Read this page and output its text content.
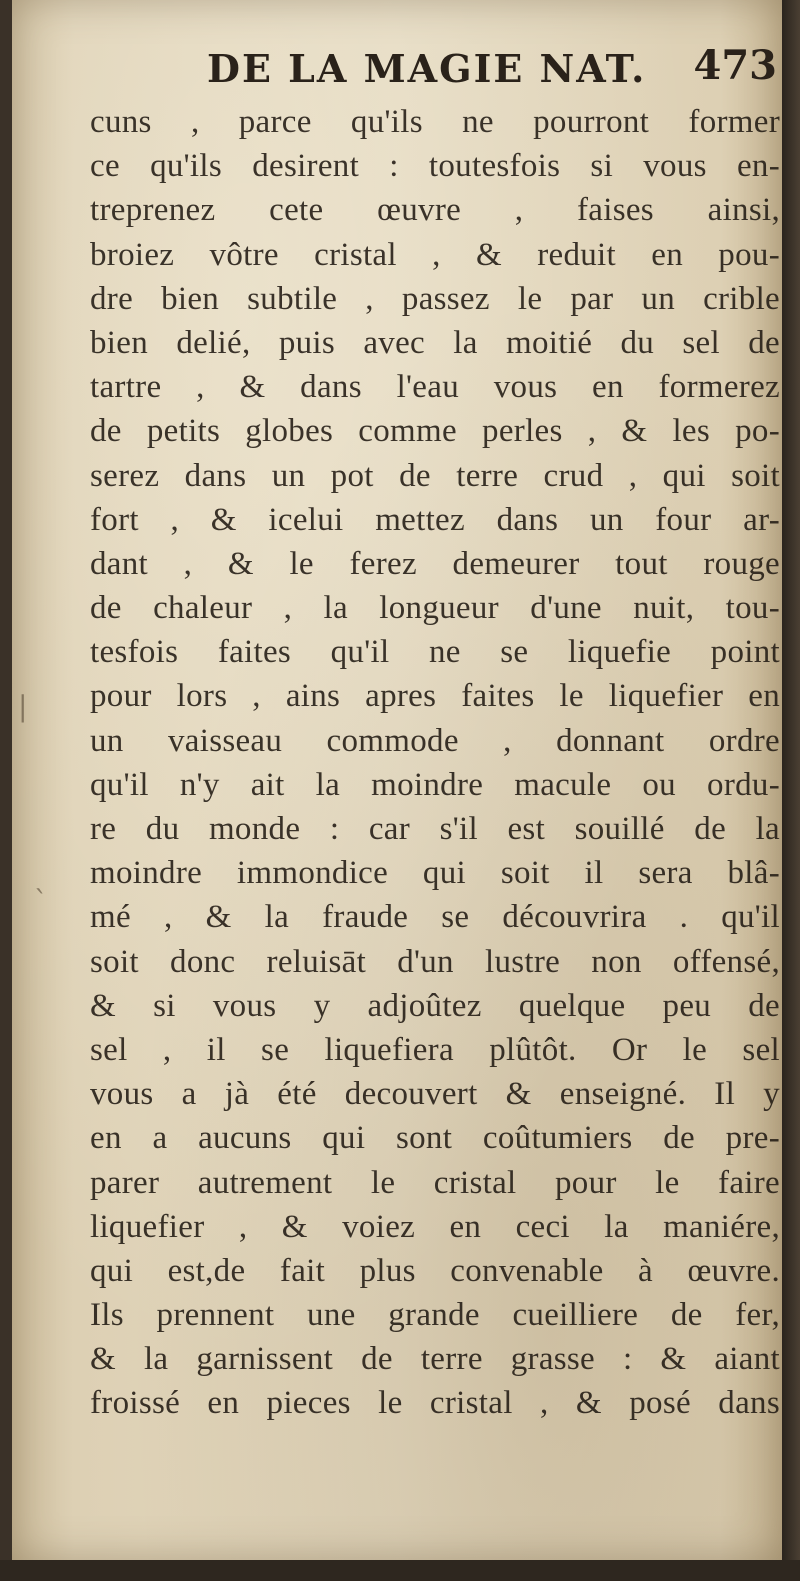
DE LA MAGIE NAT. 473
cuns , parce qu'ils ne pourront former
ce qu'ils desirent : toutesfois si vous en-
treprenez cete œuvre , faises ainsi,
broiez vôtre cristal , & reduit en pou-
dre bien subtile , passez le par un crible
bien delié, puis avec la moitié du sel de
tartre , & dans l'eau vous en formerez
de petits globes comme perles , & les po-
serez dans un pot de terre crud , qui soit
fort , & icelui mettez dans un four ar-
dant , & le ferez demeurer tout rouge
de chaleur , la longueur d'une nuit, tou-
tesfois faites qu'il ne se liquefie point
pour lors , ains apres faites le liquefier en
un vaisseau commode , donnant ordre
qu'il n'y ait la moindre macule ou ordu-
re du monde : car s'il est souillé de la
moindre immondice qui soit il sera blâ-
mé , & la fraude se découvrira . qu'il
soit donc reluisāt d'un lustre non offensé,
& si vous y adjoûtez quelque peu de
sel , il se liquefiera plûtôt. Or le sel
vous a jà été decouvert & enseigné. Il y
en a aucuns qui sont coûtumiers de pre-
parer autrement le cristal pour le faire
liquefier , & voiez en ceci la maniére,
qui est,de fait plus convenable à œuvre.
Ils prennent une grande cueilliere de fer,
& la garnissent de terre grasse : & aiant
froissé en pieces le cristal , & posé dans
|
`
